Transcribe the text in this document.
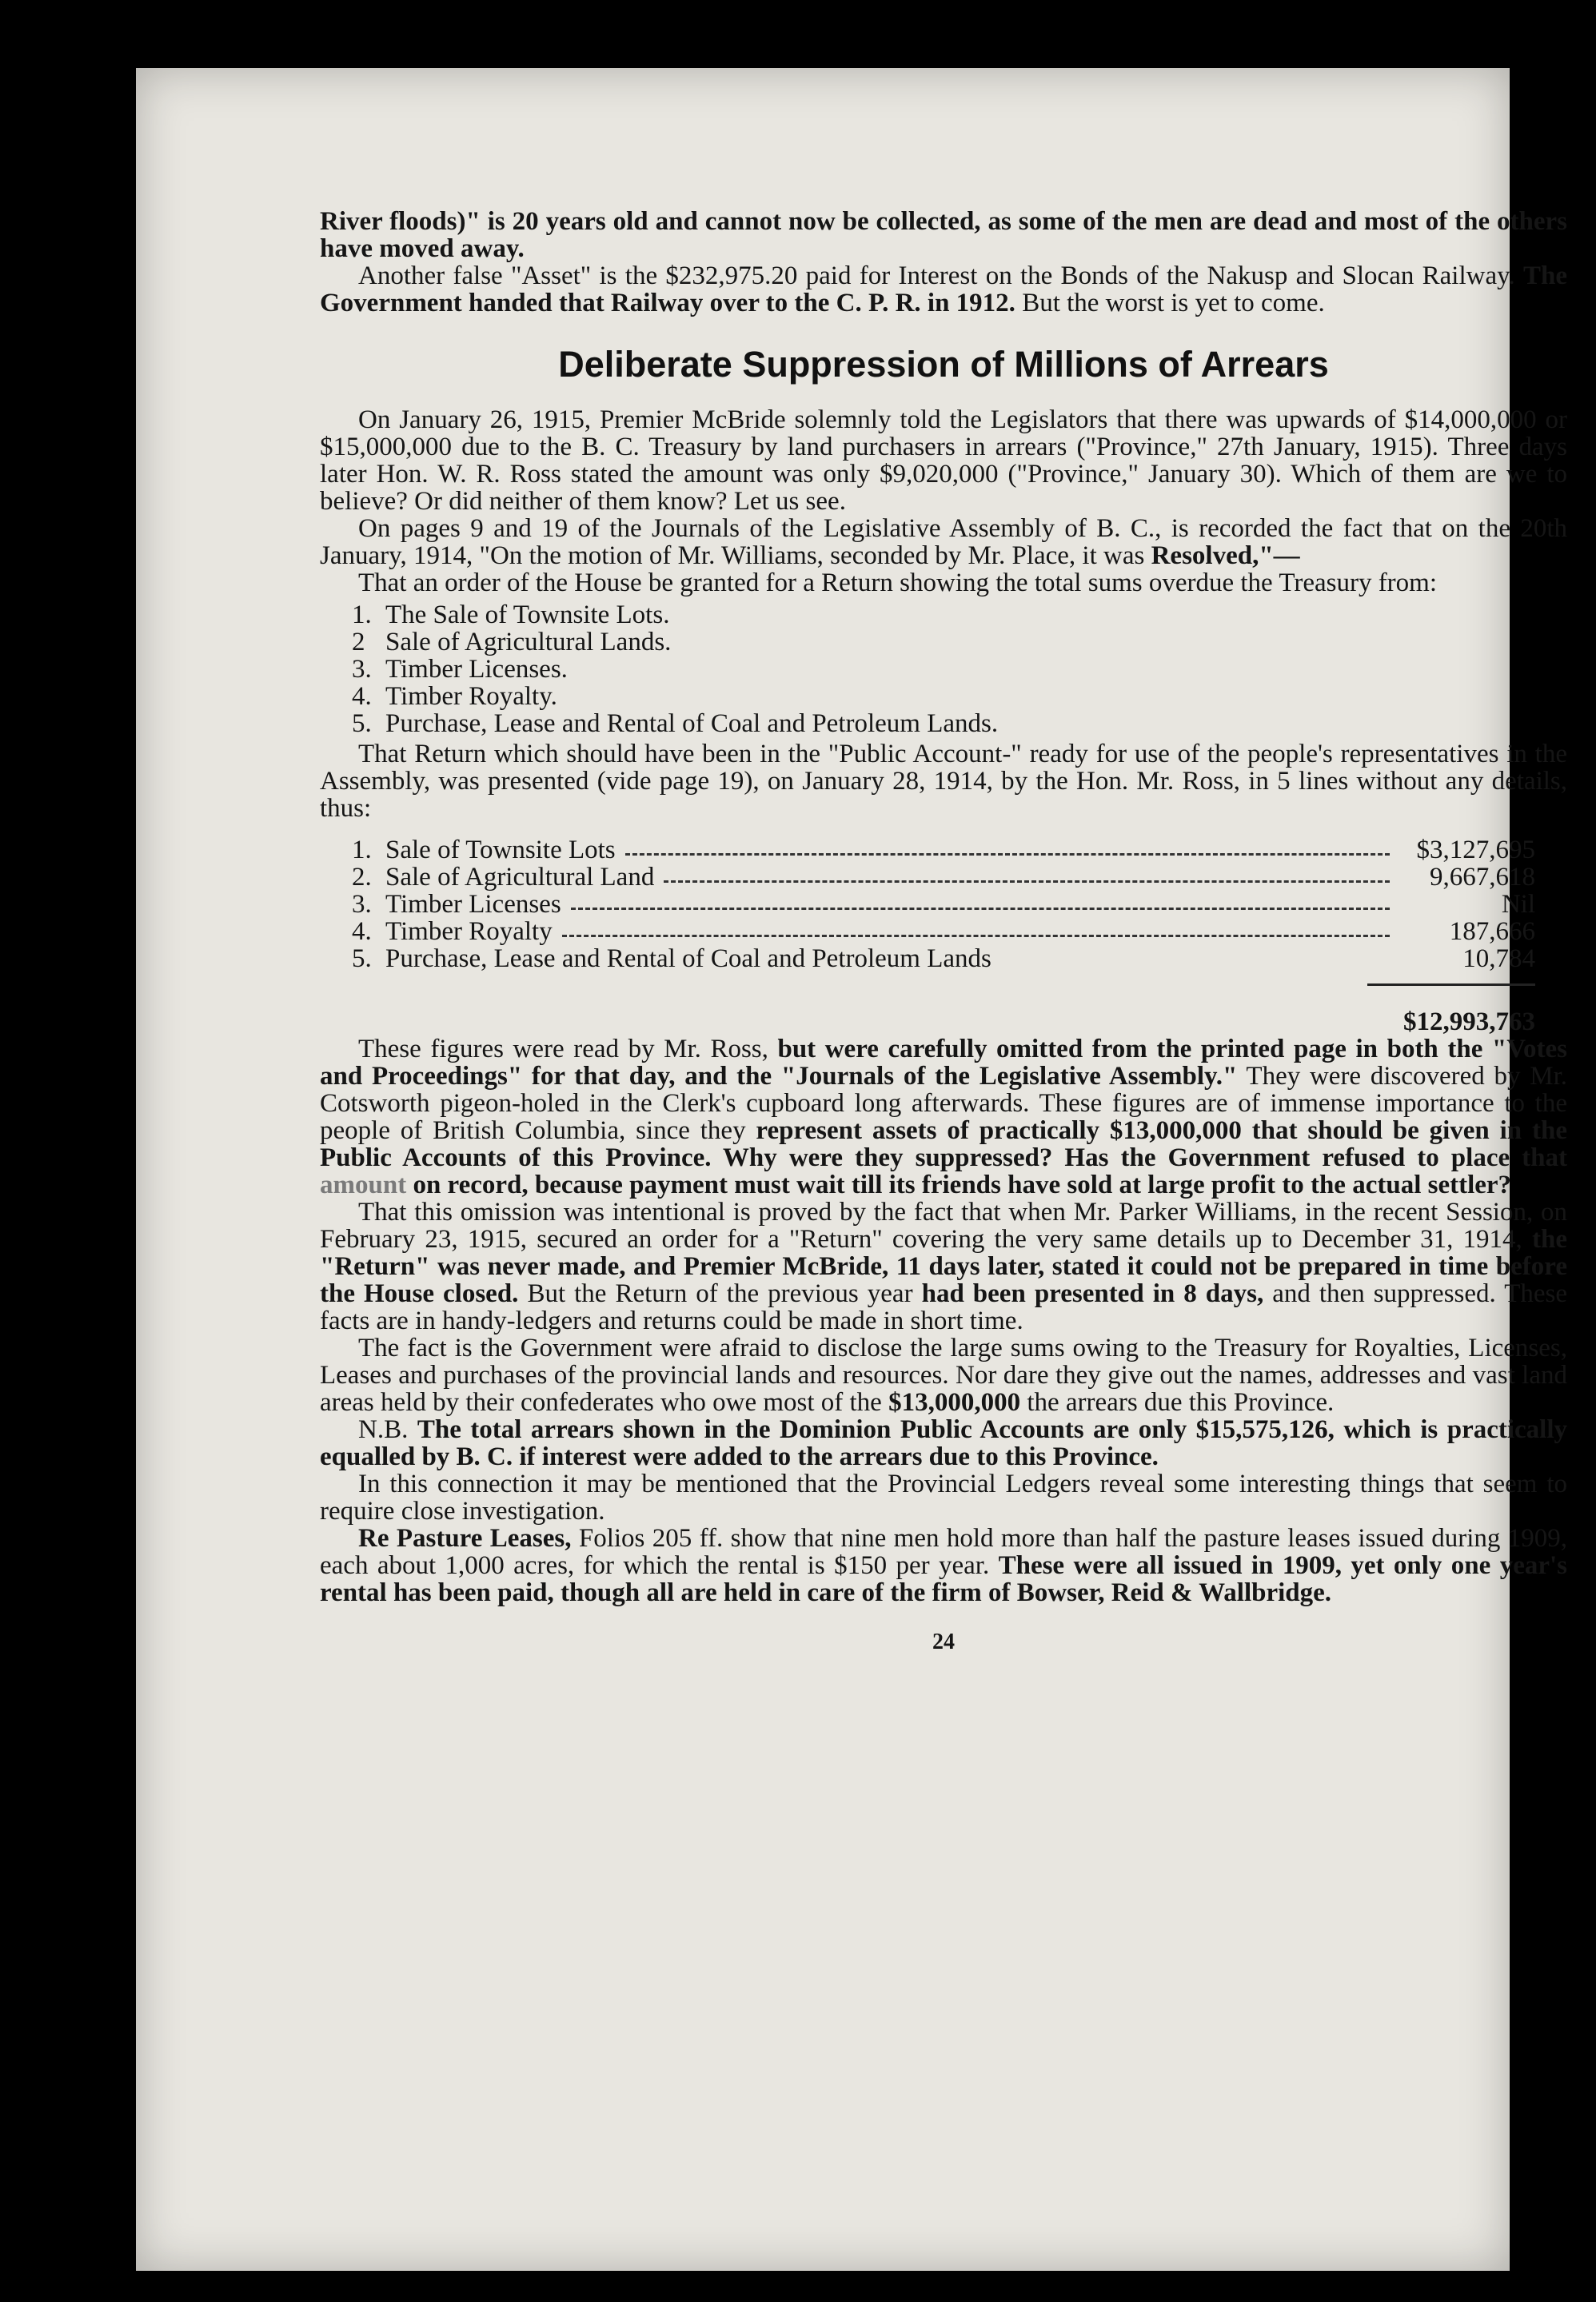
River floods)" is 20 years old and cannot now be collected, as some of the men are dead and most of the others have moved away.

Another false "Asset" is the $232,975.20 paid for Interest on the Bonds of the Nakusp and Slocan Railway. The Government handed that Railway over to the C. P. R. in 1912. But the worst is yet to come.

Deliberate Suppression of Millions of Arrears

On January 26, 1915, Premier McBride solemnly told the Legislators that there was upwards of $14,000,000 or $15,000,000 due to the B. C. Treasury by land purchasers in arrears ("Province," 27th January, 1915). Three days later Hon. W. R. Ross stated the amount was only $9,020,000 ("Province," January 30). Which of them are we to believe? Or did neither of them know? Let us see.

On pages 9 and 19 of the Journals of the Legislative Assembly of B. C., is recorded the fact that on the 20th January, 1914, "On the motion of Mr. Williams, seconded by Mr. Place, it was Resolved,"—

That an order of the House be granted for a Return showing the total sums overdue the Treasury from:

1. The Sale of Townsite Lots.
2 Sale of Agricultural Lands.
3. Timber Licenses.
4. Timber Royalty.
5. Purchase, Lease and Rental of Coal and Petroleum Lands.

That Return which should have been in the "Public Account-" ready for use of the people's representatives in the Assembly, was presented (vide page 19), on January 28, 1914, by the Hon. Mr. Ross, in 5 lines without any details, thus:

1. Sale of Townsite Lots	$3,127,695
2. Sale of Agricultural Land	9,667,618
3. Timber Licenses	Nil
4. Timber Royalty	187,666
5. Purchase, Lease and Rental of Coal and Petroleum Lands	10,784
$12,993,763

These figures were read by Mr. Ross, but were carefully omitted from the printed page in both the "Votes and Proceedings" for that day, and the "Journals of the Legislative Assembly." They were discovered by Mr. Cotsworth pigeon-holed in the Clerk's cupboard long afterwards. These figures are of immense importance to the people of British Columbia, since they represent assets of practically $13,000,000 that should be given in the Public Accounts of this Province. Why were they suppressed? Has the Government refused to place that amount on record, because payment must wait till its friends have sold at large profit to the actual settler?

That this omission was intentional is proved by the fact that when Mr. Parker Williams, in the recent Session, on February 23, 1915, secured an order for a "Return" covering the very same details up to December 31, 1914, the "Return" was never made, and Premier McBride, 11 days later, stated it could not be prepared in time before the House closed. But the Return of the previous year had been presented in 8 days, and then suppressed. These facts are in handy-ledgers and returns could be made in short time.

The fact is the Government were afraid to disclose the large sums owing to the Treasury for Royalties, Licenses, Leases and purchases of the provincial lands and resources. Nor dare they give out the names, addresses and vast land areas held by their confederates who owe most of the $13,000,000 the arrears due this Province.

N.B. The total arrears shown in the Dominion Public Accounts are only $15,575,126, which is practically equalled by B. C. if interest were added to the arrears due to this Province.

In this connection it may be mentioned that the Provincial Ledgers reveal some interesting things that seem to require close investigation.

Re Pasture Leases, Folios 205 ff. show that nine men hold more than half the pasture leases issued during 1909, each about 1,000 acres, for which the rental is $150 per year. These were all issued in 1909, yet only one year's rental has been paid, though all are held in care of the firm of Bowser, Reid & Wallbridge.

24
